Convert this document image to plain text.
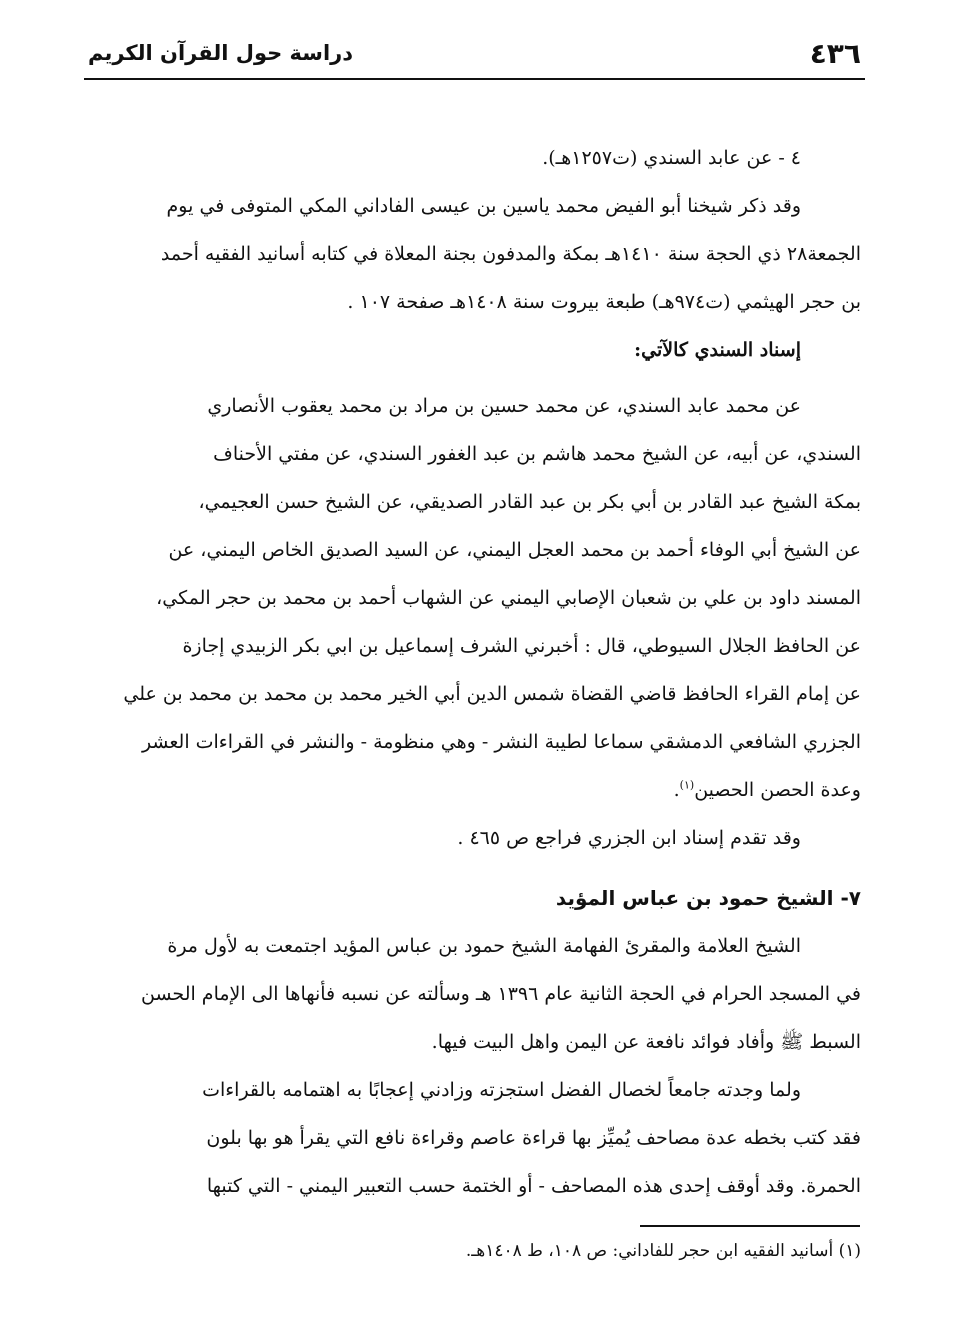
٤٣٦
دراسة حول القرآن الكريم

٤ - عن عابد السندي (ت١٢٥٧هـ).

وقد ذكر شيخنا أبو الفيض محمد ياسين بن عيسى الفاداني المكي المتوفى في يوم

الجمعة٢٨ ذي الحجة سنة ١٤١٠هـ بمكة والمدفون بجنة المعلاة في كتابه أسانيد الفقيه أحمد

بن حجر الهيثمي (ت٩٧٤هـ) طبعة بيروت سنة ١٤٠٨هـ صفحة ١٠٧ .

إسناد السندي كالآتي:

عن محمد عابد السندي، عن محمد حسين بن مراد بن محمد يعقوب الأنصاري

السندي، عن أبيه، عن الشيخ محمد هاشم بن عبد الغفور السندي، عن مفتي الأحناف

بمكة الشيخ عبد القادر بن أبي بكر بن عبد القادر الصديقي، عن الشيخ حسن العجيمي،

عن الشيخ أبي الوفاء أحمد بن محمد العجل اليمني، عن السيد الصديق الخاص اليمني، عن

المسند داود بن علي بن شعبان الإصابي اليمني عن الشهاب أحمد بن محمد بن حجر المكي،

عن الحافظ الجلال السيوطي، قال : أخبرني الشرف إسماعيل بن ابي بكر الزبيدي إجازة

عن إمام القراء الحافظ قاضي القضاة شمس الدين أبي الخير محمد بن محمد بن محمد بن علي

الجزري الشافعي الدمشقي سماعا لطيبة النشر - وهي منظومة - والنشر في القراءات العشر

وعدة الحصن الحصين$^{(١)}$.

وقد تقدم إسناد ابن الجزري فراجع ص ٤٦٥ .

٧- الشيخ حمود بن عباس المؤيد

الشيخ العلامة والمقرئ الفهامة الشيخ حمود بن عباس المؤيد اجتمعت به لأول مرة

في المسجد الحرام في الحجة الثانية عام ١٣٩٦ هـ وسألته عن نسبه فأنهاها الى الإمام الحسن

السبط ﷺ وأفاد فوائد نافعة عن اليمن واهل البيت فيها.

ولما وجدته جامعاً لخصال الفضل استجزته وزادني إعجابًا به اهتمامه بالقراءات

فقد كتب بخطه عدة مصاحف يُميِّز بها قراءة عاصم وقراءة نافع التي يقرأ هو بها بلون

الحمرة. وقد أوقف إحدى هذه المصاحف - أو الختمة حسب التعبير اليمني - التي كتبها

(١) أسانيد الفقيه ابن حجر للفاداني: ص ١٠٨، ط ١٤٠٨هـ.
